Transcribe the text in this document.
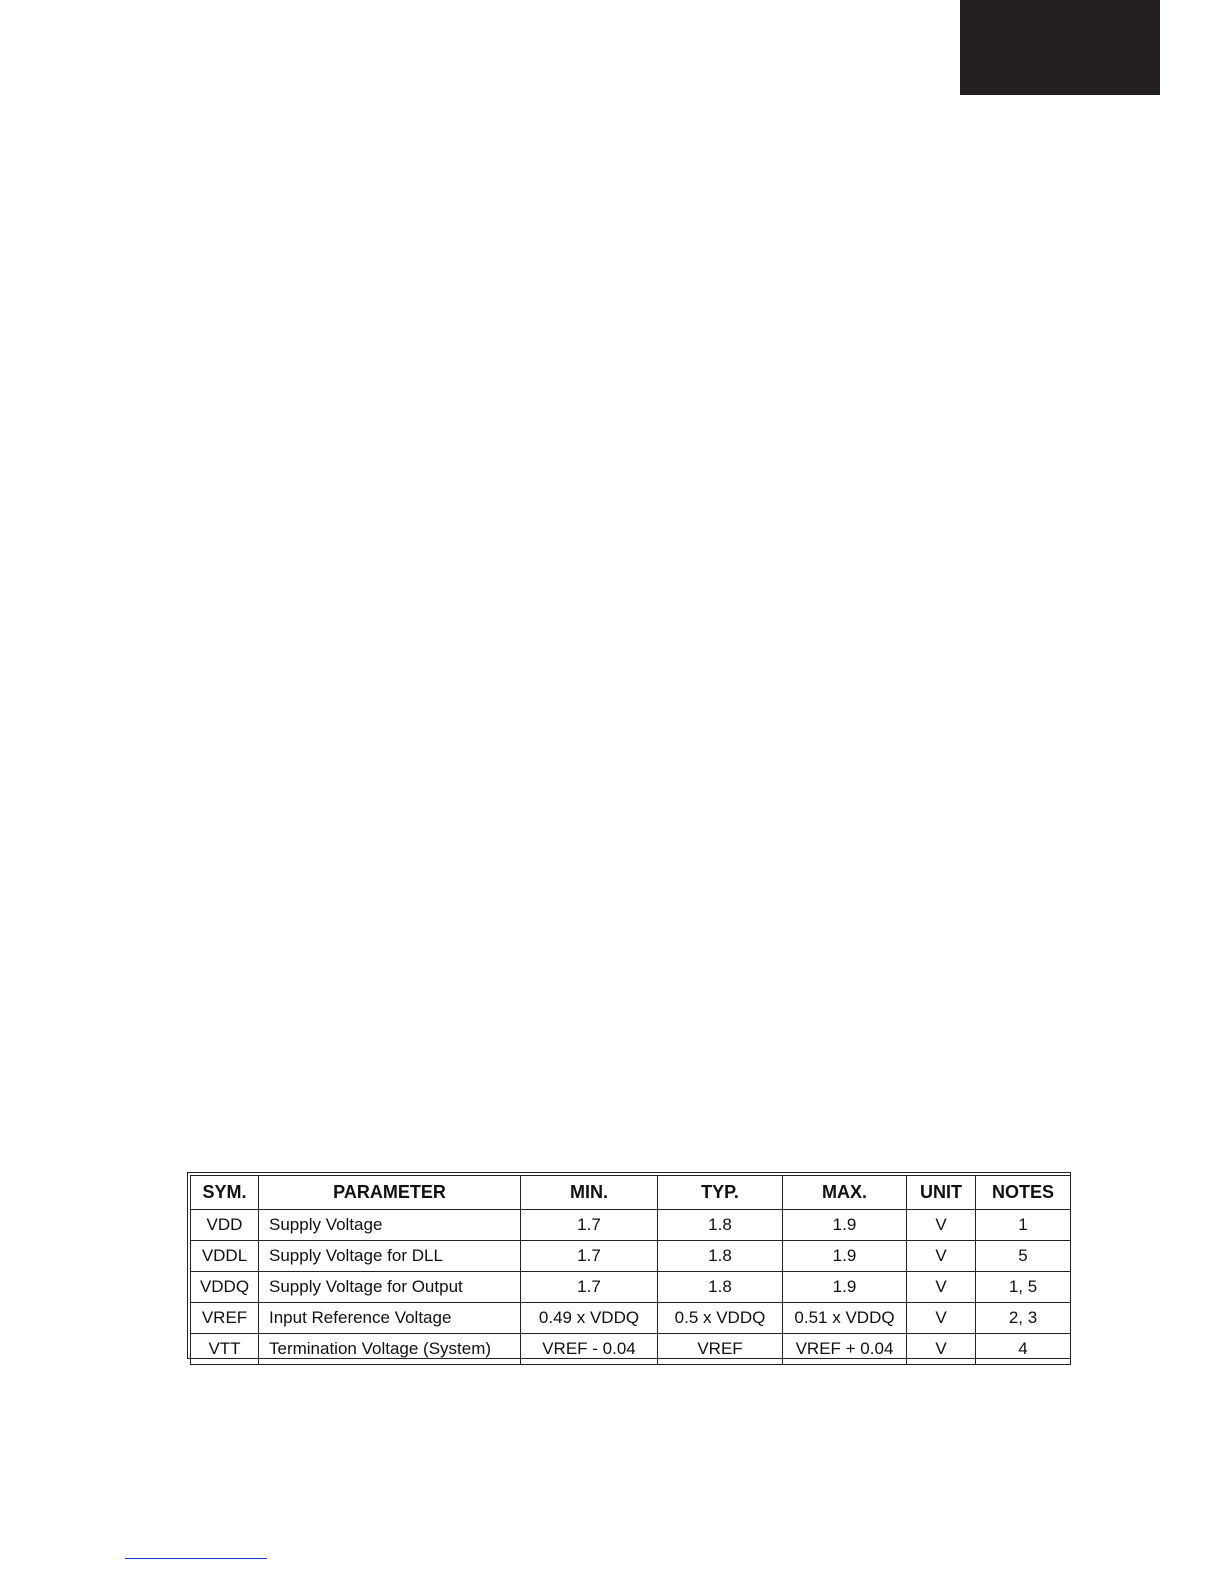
SYM.	PARAMETER	MIN.	TYP.	MAX.	UNIT	NOTES
VDD	Supply Voltage	1.7	1.8	1.9	V	1
VDDL	Supply Voltage for DLL	1.7	1.8	1.9	V	5
VDDQ	Supply Voltage for Output	1.7	1.8	1.9	V	1, 5
VREF	Input Reference Voltage	0.49 x VDDQ	0.5 x VDDQ	0.51 x VDDQ	V	2, 3
VTT	Termination Voltage (System)	VREF - 0.04	VREF	VREF + 0.04	V	4
